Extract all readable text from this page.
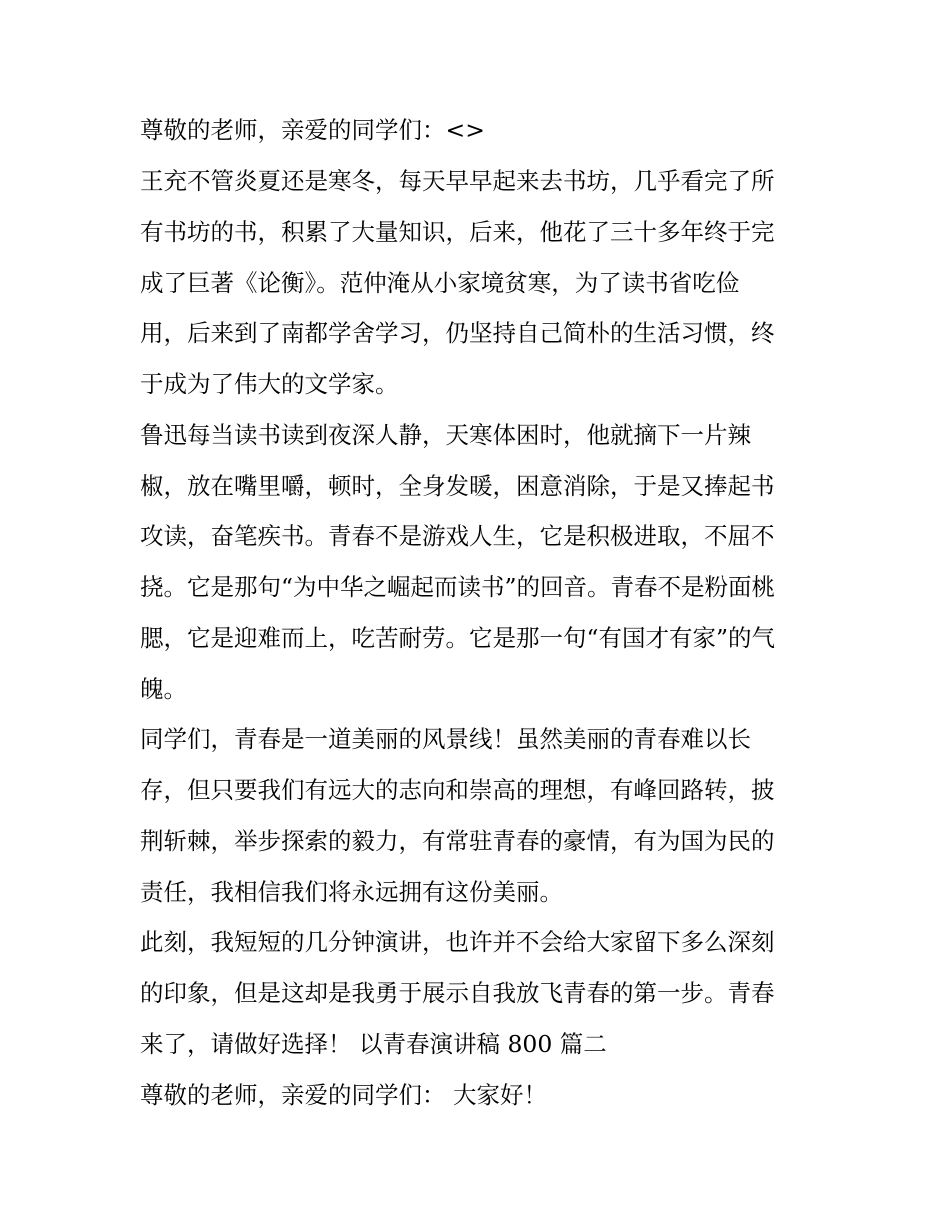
尊敬的老师，亲爱的同学们：<>
王充不管炎夏还是寒冬，每天早早起来去书坊，几乎看完了所
有书坊的书，积累了大量知识，后来，他花了三十多年终于完
成了巨著《论衡》。范仲淹从小家境贫寒，为了读书省吃俭
用，后来到了南都学舍学习，仍坚持自己简朴的生活习惯，终
于成为了伟大的文学家。
鲁迅每当读书读到夜深人静，天寒体困时，他就摘下一片辣
椒，放在嘴里嚼，顿时，全身发暖，困意消除，于是又捧起书
攻读，奋笔疾书。青春不是游戏人生，它是积极进取，不屈不
挠。它是那句“为中华之崛起而读书”的回音。青春不是粉面桃
腮，它是迎难而上，吃苦耐劳。它是那一句“有国才有家”的气
魄。
同学们，青春是一道美丽的风景线！虽然美丽的青春难以长
存，但只要我们有远大的志向和崇高的理想，有峰回路转，披
荆斩棘，举步探索的毅力，有常驻青春的豪情，有为国为民的
责任，我相信我们将永远拥有这份美丽。
此刻，我短短的几分钟演讲，也许并不会给大家留下多么深刻
的印象，但是这却是我勇于展示自我放飞青春的第一步。青春
来了，请做好选择！ 以青春演讲稿 800 篇二
尊敬的老师，亲爱的同学们： 大家好！
